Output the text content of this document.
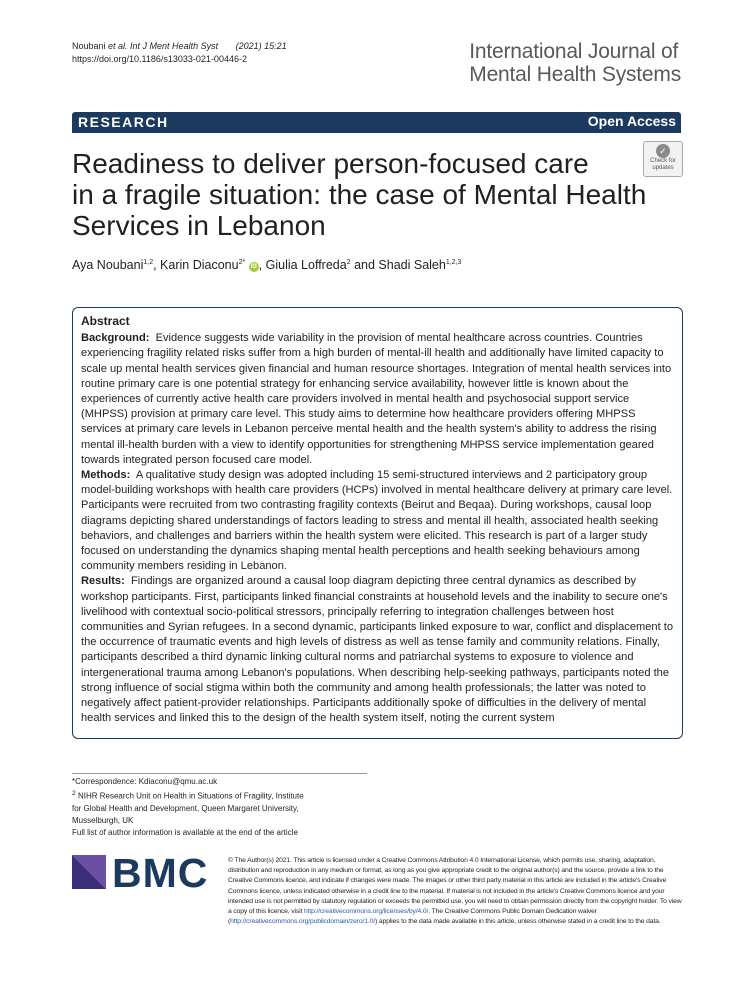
Noubani et al. Int J Ment Health Syst (2021) 15:21
https://doi.org/10.1186/s13033-021-00446-2	International Journal of
Mental Health Systems
RESEARCH	Open Access
Readiness to deliver person-focused care
in a fragile situation: the case of Mental Health
Services in Lebanon
✓
Check for
updates
Aya Noubani$^{1,2}$, Karin Diaconu$^{2*}$ iD , Giulia Loffreda$^2$ and Shadi Saleh$^{1,2,3}$
Abstract

Background: Evidence suggests wide variability in the provision of mental healthcare across countries. Countries experiencing fragility related risks suffer from a high burden of mental-ill health and additionally have limited capacity to scale up mental health services given financial and human resource shortages. Integration of mental health services into routine primary care is one potential strategy for enhancing service availability, however little is known about the experiences of currently active health care providers involved in mental health and psychosocial support service (MHPSS) provision at primary care level. This study aims to determine how healthcare providers offering MHPSS services at primary care levels in Lebanon perceive mental health and the health system's ability to address the rising mental ill-health burden with a view to identify opportunities for strengthening MHPSS service implementation geared towards integrated person focused care model.

Methods: A qualitative study design was adopted including 15 semi-structured interviews and 2 participatory group model-building workshops with health care providers (HCPs) involved in mental healthcare delivery at primary care level. Participants were recruited from two contrasting fragility contexts (Beirut and Beqaa). During workshops, causal loop diagrams depicting shared understandings of factors leading to stress and mental ill health, associated health seeking behaviors, and challenges and barriers within the health system were elicited. This research is part of a larger study focused on understanding the dynamics shaping mental health perceptions and health seeking behaviours among community members residing in Lebanon.

Results: Findings are organized around a causal loop diagram depicting three central dynamics as described by workshop participants. First, participants linked financial constraints at household levels and the inability to secure one's livelihood with contextual socio-political stressors, principally referring to integration challenges between host communities and Syrian refugees. In a second dynamic, participants linked exposure to war, conflict and displacement to the occurrence of traumatic events and high levels of distress as well as tense family and community relations. Finally, participants described a third dynamic linking cultural norms and patriarchal systems to exposure to violence and intergenerational trauma among Lebanon's populations. When describing help-seeking pathways, participants noted the strong influence of social stigma within both the community and among health professionals; the latter was noted to negatively affect patient-provider relationships. Participants additionally spoke of difficulties in the delivery of mental health services and linked this to the design of the health system itself, noting the current system

*Correspondence: Kdiaconu@qmu.ac.uk
$^2$ NIHR Research Unit on Health in Situations of Fragility, Institute
for Global Health and Development, Queen Margaret University,
Musselburgh, UK
Full list of author information is available at the end of the article
BMC	© The Author(s) 2021. This article is licensed under a Creative Commons Attribution 4.0 International License, which permits use, sharing, adaptation, distribution and reproduction in any medium or format, as long as you give appropriate credit to the original author(s) and the source, provide a link to the Creative Commons licence, and indicate if changes were made. The images or other third party material in this article are included in the article's Creative Commons licence, unless indicated otherwise in a credit line to the material. If material is not included in the article's Creative Commons licence and your intended use is not permitted by statutory regulation or exceeds the permitted use, you will need to obtain permission directly from the copyright holder. To view a copy of this licence, visit http://creativecommons.org/licenses/by/4.0/. The Creative Commons Public Domain Dedication waiver (http://creativecommons.org/publicdomain/zero/1.0/) applies to the data made available in this article, unless otherwise stated in a credit line to the data.
